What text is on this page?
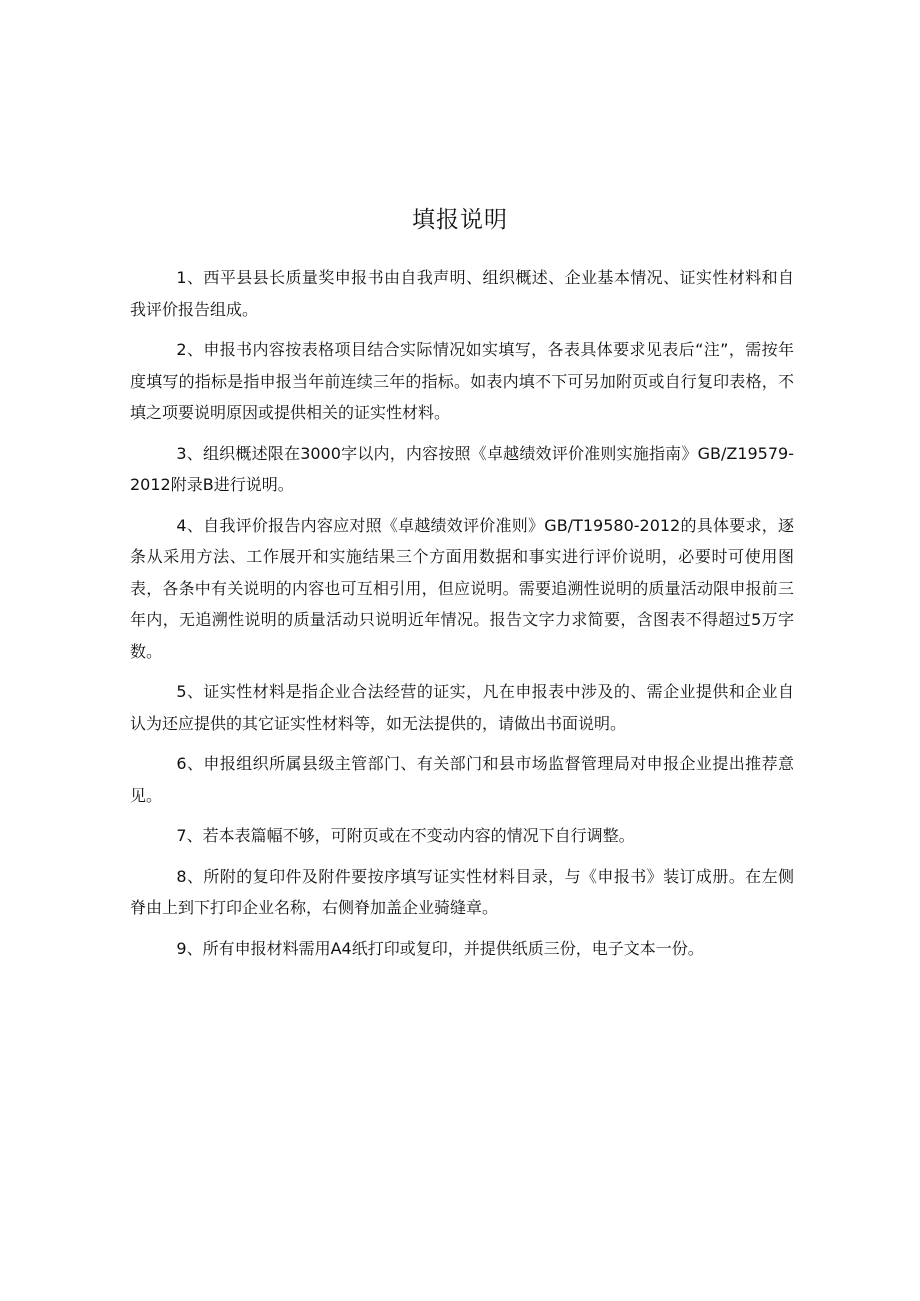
填报说明

1、西平县县长质量奖申报书由自我声明、组织概述、企业基本情况、证实性材料和自我评价报告组成。

2、申报书内容按表格项目结合实际情况如实填写，各表具体要求见表后“注”，需按年度填写的指标是指申报当年前连续三年的指标。如表内填不下可另加附页或自行复印表格，不填之项要说明原因或提供相关的证实性材料。

3、组织概述限在3000字以内，内容按照《卓越绩效评价准则实施指南》GB/Z19579-2012附录B进行说明。

4、自我评价报告内容应对照《卓越绩效评价准则》GB/T19580-2012的具体要求，逐条从采用方法、工作展开和实施结果三个方面用数据和事实进行评价说明，必要时可使用图表，各条中有关说明的内容也可互相引用，但应说明。需要追溯性说明的质量活动限申报前三年内，无追溯性说明的质量活动只说明近年情况。报告文字力求简要，含图表不得超过5万字数。

5、证实性材料是指企业合法经营的证实，凡在申报表中涉及的、需企业提供和企业自认为还应提供的其它证实性材料等，如无法提供的，请做出书面说明。

6、申报组织所属县级主管部门、有关部门和县市场监督管理局对申报企业提出推荐意见。

7、若本表篇幅不够，可附页或在不变动内容的情况下自行调整。

8、所附的复印件及附件要按序填写证实性材料目录，与《申报书》装订成册。在左侧脊由上到下打印企业名称，右侧脊加盖企业骑缝章。

9、所有申报材料需用A4纸打印或复印，并提供纸质三份，电子文本一份。
